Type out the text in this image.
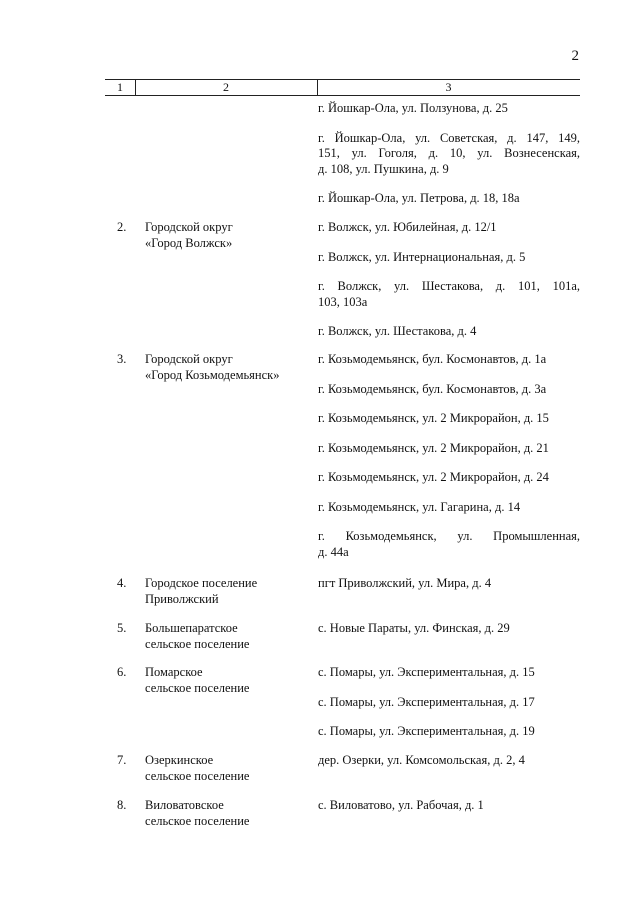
2
1	2	3
г. Йошкар-Ола, ул. Ползунова, д. 25
г. Йошкар-Ола, ул. Советская, д. 147, 149,
151, ул. Гоголя, д. 10, ул. Вознесенская,
д. 108, ул. Пушкина, д. 9
г. Йошкар-Ола, ул. Петрова, д. 18, 18а
2. Городской округ
«Город Волжск»
г. Волжск, ул. Юбилейная, д. 12/1
г. Волжск, ул. Интернациональная, д. 5
г. Волжск, ул. Шестакова, д. 101, 101а,
103, 103а
г. Волжск, ул. Шестакова, д. 4
3. Городской округ
«Город Козьмодемьянск»
г. Козьмодемьянск, бул. Космонавтов, д. 1а
г. Козьмодемьянск, бул. Космонавтов, д. 3а
г. Козьмодемьянск, ул. 2 Микрорайон, д. 15
г. Козьмодемьянск, ул. 2 Микрорайон, д. 21
г. Козьмодемьянск, ул. 2 Микрорайон, д. 24
г. Козьмодемьянск, ул. Гагарина, д. 14
г. Козьмодемьянск, ул. Промышленная,
д. 44а
4. Городское поселение
Приволжский
пгт Приволжский, ул. Мира, д. 4
5. Большепаратское
сельское поселение
с. Новые Параты, ул. Финская, д. 29
6. Помарское
сельское поселение
с. Помары, ул. Экспериментальная, д. 15
с. Помары, ул. Экспериментальная, д. 17
с. Помары, ул. Экспериментальная, д. 19
7. Озеркинское
сельское поселение
дер. Озерки, ул. Комсомольская, д. 2, 4
8. Виловатовское
сельское поселение
с. Виловатово, ул. Рабочая, д. 1
